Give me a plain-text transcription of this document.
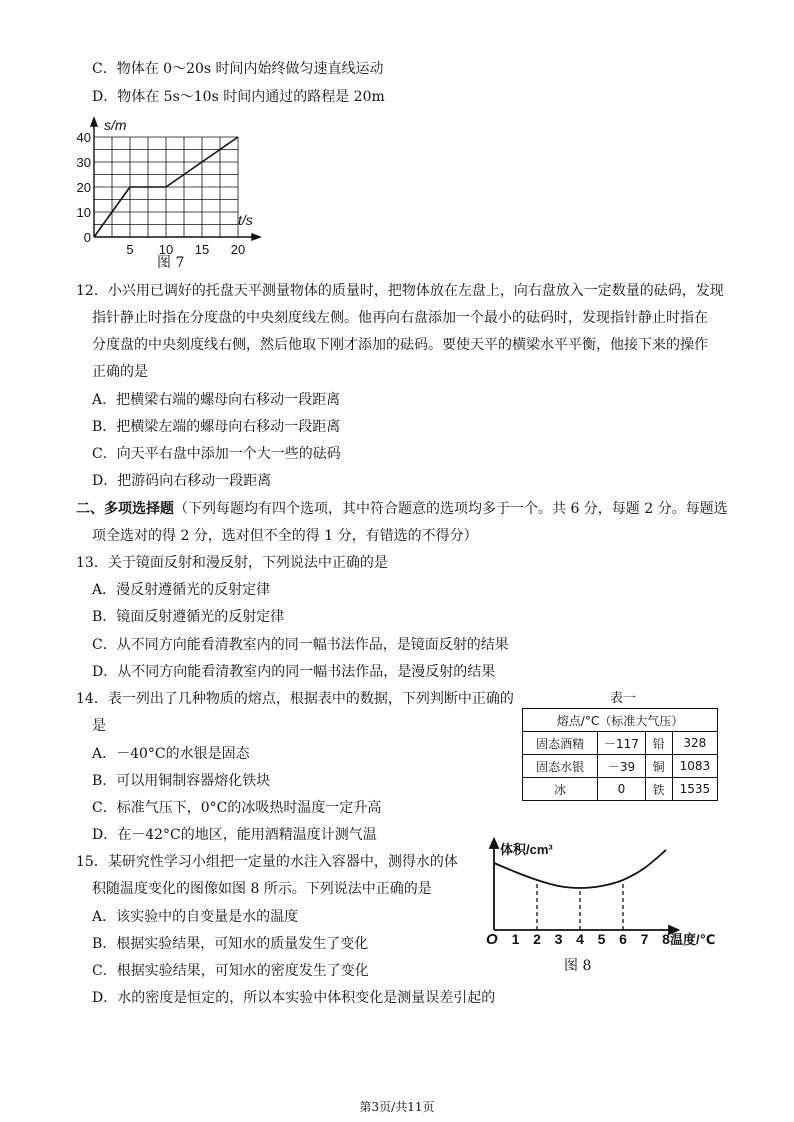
C．物体在 0～20s 时间内始终做匀速直线运动
D．物体在 5s～10s 时间内通过的路程是 20m
40
30
20
10
0
5 10 15 20
s/m
t/s
图 7
12．小兴用已调好的托盘天平测量物体的质量时，把物体放在左盘上，向右盘放入一定数量的砝码，发现
指针静止时指在分度盘的中央刻度线左侧。他再向右盘添加一个最小的砝码时，发现指针静止时指在
分度盘的中央刻度线右侧，然后他取下刚才添加的砝码。要使天平的横梁水平平衡，他接下来的操作
正确的是
A．把横梁右端的螺母向右移动一段距离
B．把横梁左端的螺母向右移动一段距离
C．向天平右盘中添加一个大一些的砝码
D．把游码向右移动一段距离
二、多项选择题（下列每题均有四个选项，其中符合题意的选项均多于一个。共 6 分，每题 2 分。每题选
项全选对的得 2 分，选对但不全的得 1 分，有错选的不得分）
13．关于镜面反射和漫反射，下列说法中正确的是
A．漫反射遵循光的反射定律
B．镜面反射遵循光的反射定律
C．从不同方向能看清教室内的同一幅书法作品，是镜面反射的结果
D．从不同方向能看清教室内的同一幅书法作品，是漫反射的结果
14．表一列出了几种物质的熔点，根据表中的数据，下列判断中正确的
是
A．－40°C的水银是固态
B．可以用铜制容器熔化铁块
C．标准气压下，0°C的冰吸热时温度一定升高
D．在－42°C的地区，能用酒精温度计测气温
表一
熔点/°C（标准大气压）			
固态酒精	－117	铅	328
固态水银	－39	铜	1083
冰	0	铁	1535
15．某研究性学习小组把一定量的水注入容器中，测得水的体
积随温度变化的图像如图 8 所示。下列说法中正确的是
A．该实验中的自变量是水的温度
B．根据实验结果，可知水的质量发生了变化
C．根据实验结果，可知水的密度发生了变化
D．水的密度是恒定的，所以本实验中体积变化是测量误差引起的
1 2 3 4 5 6 7 8
O
体积/cm³
温度/℃
图 8
第3页/共11页
